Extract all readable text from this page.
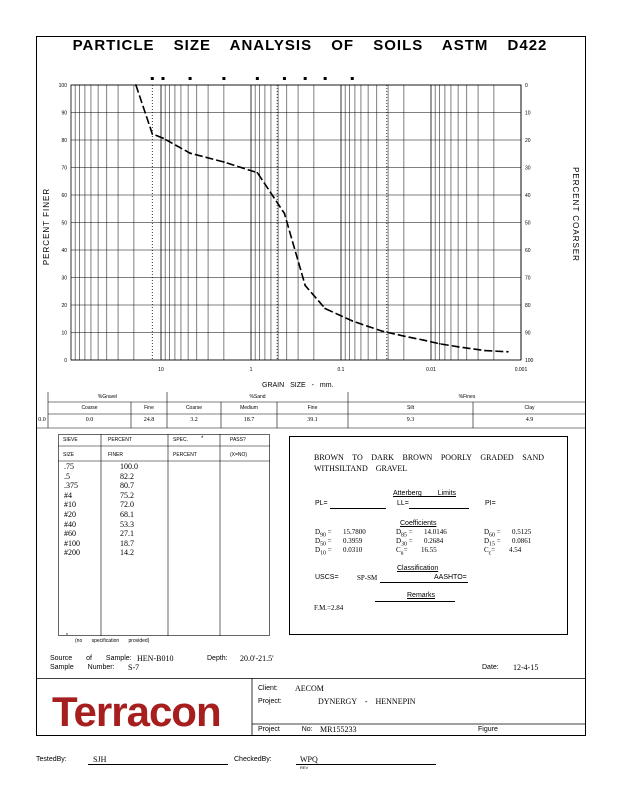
PARTICLE SIZE ANALYSIS OF SOILS ASTM D422
100
90
80
70
60
50
40
30
20
10
0
0
10
20
30
40
50
60
70
80
90
100
10	1	0.1	0.01	0.001
PERCENT FINER	PERCENT COARSER
GRAIN SIZE - mm.
%Gravel	%Sand	%Fines
Coarse	Fine	Coarse	Medium	Fine	Silt	Clay
0.0	0.0	24.8	3.2	18.7	39.1	9.3	4.9
SIEVE	PERCENT	SPEC. *	PASS?
SIZE	FINER	PERCENT	(X=NO)
.75	100.0
.5	82.2
.375	80.7
#4	75.2
#10	72.0
#20	68.1
#40	53.3
#60	27.1
#100	18.7
#200	14.2
*
(no specification provided)
BROWN TO DARK BROWN POORLY GRADED SAND WITHSILTAND GRAVEL
Atterberg Limits
PL=	LL=	PI=
Coefficients
$D_{90} = 15.7800$	$D_{85} = 14.0146$	$D_{60} = 0.5125$
$D_{50} = 0.3959$	$D_{30} = 0.2684$	$D_{15} = 0.0861$
$D_{10} = 0.0310$	$C_u= 16.55$	$C_c= 4.54$
Classification
USCS=	SP-SM	AASHTO=
Remarks
F.M.=2.84
Source of Sample: HEN-B010	Depth: 20.0'-21.5'
Sample Number: S-7	Date: 12-4-15
Terracon	Client: AECOM
Project:	DYNERGY - HENNEPIN
Project No: MR155233	Figure
TestedBy:	SJH	CheckedBy:	WPQ
REV
